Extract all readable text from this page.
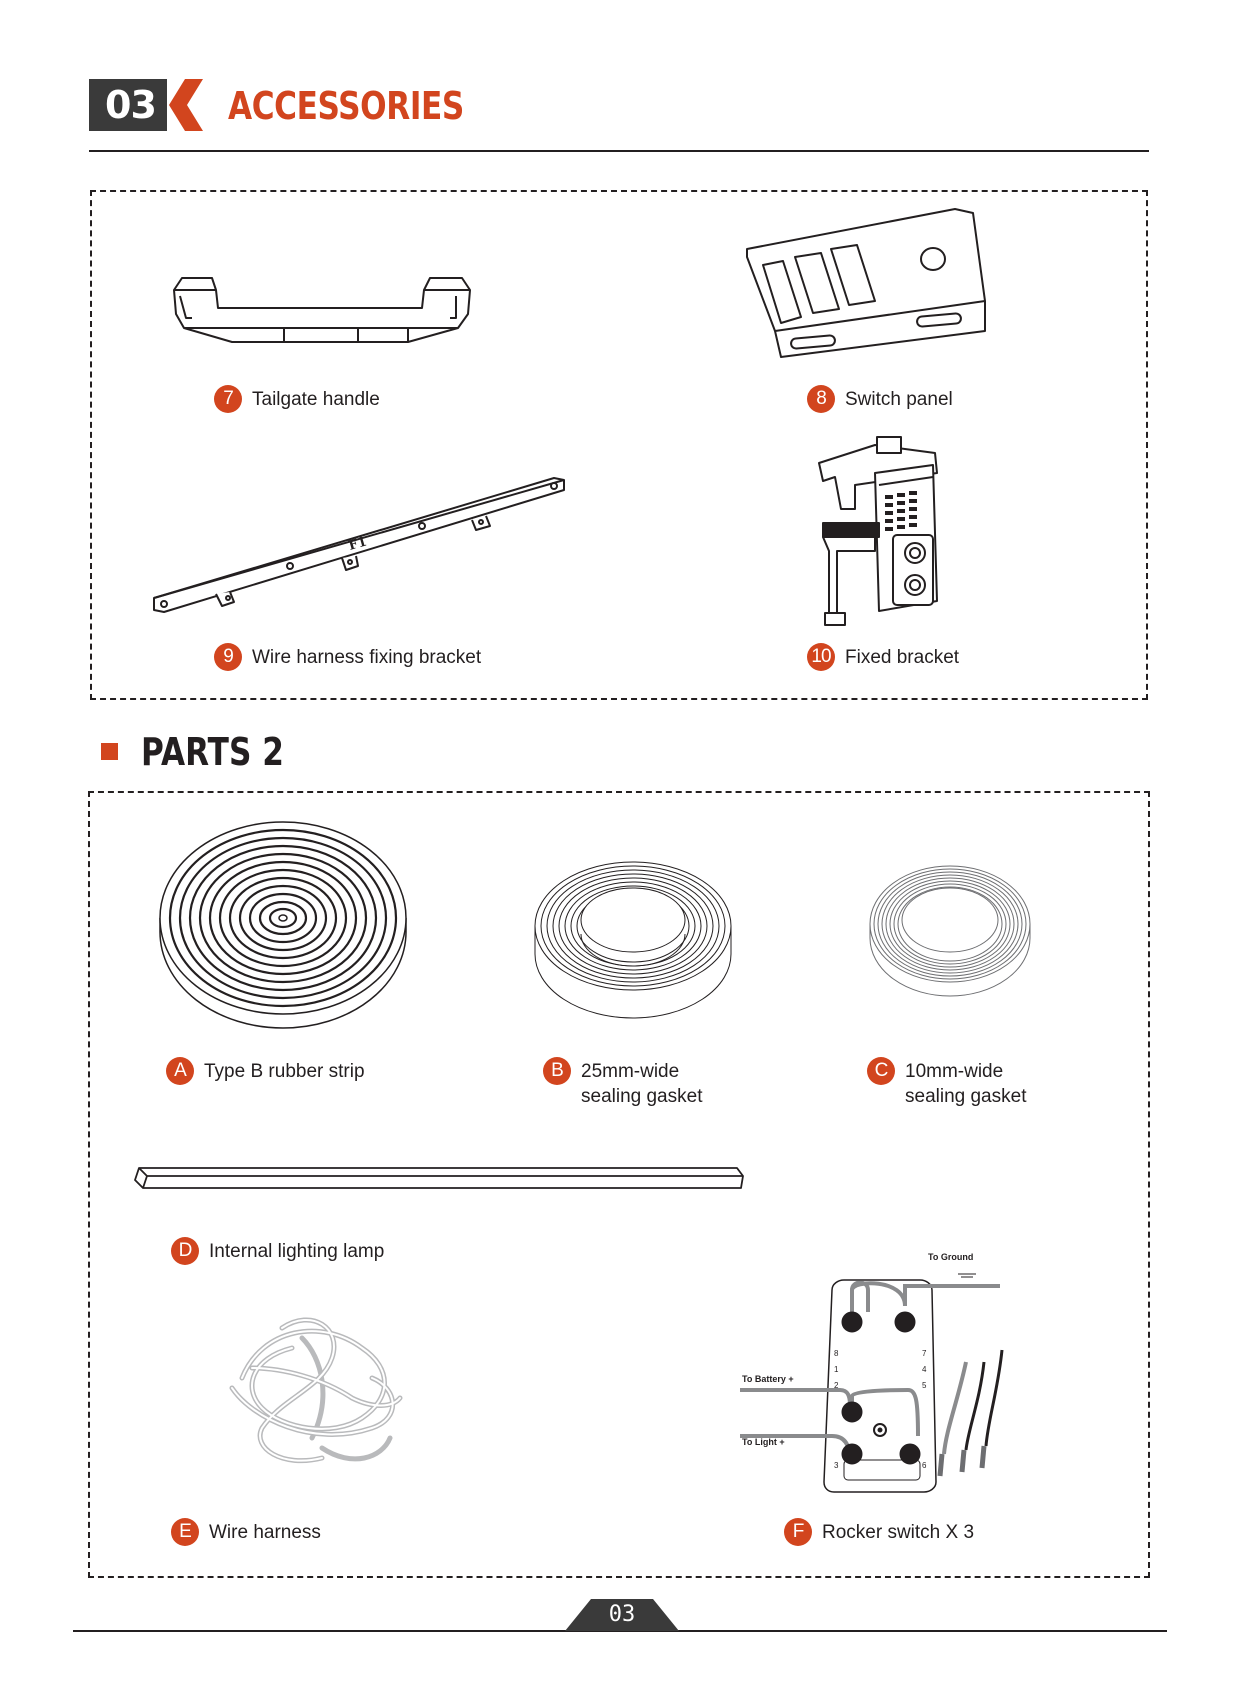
03 ACCESSORIES
7	Tailgate handle	8	Switch panel
F1
9	Wire harness fixing bracket	10 Fixed bracket
PARTS 2
A Type B rubber strip	B 25mm-wide
sealing gasket
C 10mm-wide
sealing gasket
D Internal lighting lamp
E Wire harness
To Ground
To Battery +
To Light +
8
1
2
3
7
4
5
6
F Rocker switch X 3
03
